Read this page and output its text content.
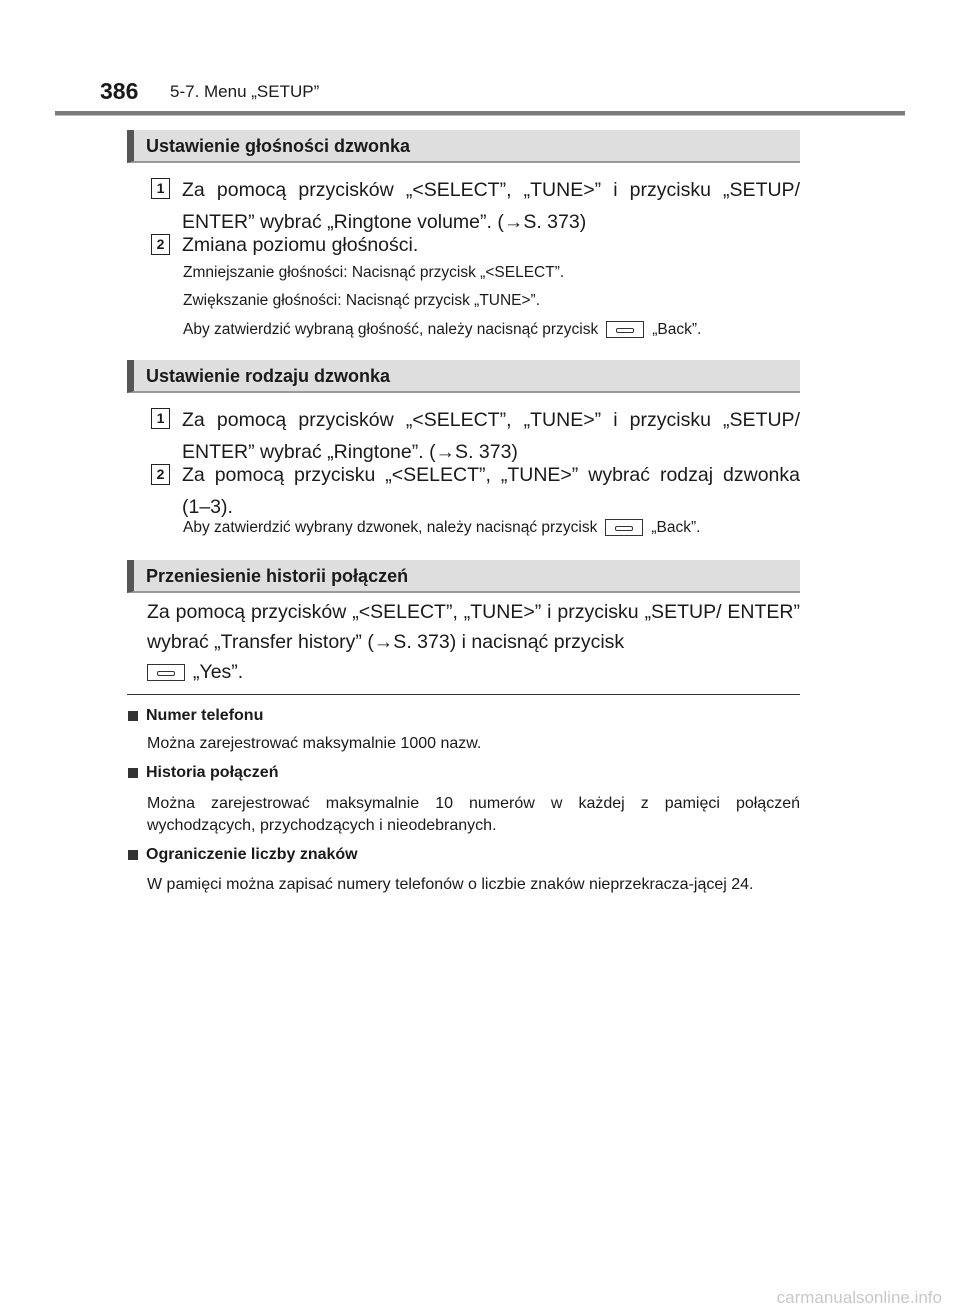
386 5-7. Menu „SETUP”
Ustawienie głośności dzwonka
1 Za pomocą przycisków „<SELECT”, „TUNE>” i przycisku „SETUP/ ENTER” wybrać „Ringtone volume”. (→S. 373)
2 Zmiana poziomu głośności.
Zmniejszanie głośności: Nacisnąć przycisk „<SELECT”.
Zwiększanie głośności: Nacisnąć przycisk „TUNE>”.
Aby zatwierdzić wybraną głośność, należy nacisnąć przycisk	„Back”.
Ustawienie rodzaju dzwonka
1 Za pomocą przycisków „<SELECT”, „TUNE>” i przycisku „SETUP/ ENTER” wybrać „Ringtone”. (→S. 373)
2 Za pomocą przycisku „<SELECT”, „TUNE>” wybrać rodzaj dzwonka (1–3).
Aby zatwierdzić wybrany dzwonek, należy nacisnąć przycisk	„Back”.
Przeniesienie historii połączeń
Za pomocą przycisków „<SELECT”, „TUNE>” i przycisku „SETUP/ ENTER” wybrać „Transfer history” (→S. 373) i nacisnąć przycisk
„Yes”.
Numer telefonu
Można zarejestrować maksymalnie 1000 nazw.
Historia połączeń
Można zarejestrować maksymalnie 10 numerów w każdej z pamięci połączeń wychodzących, przychodzących i nieodebranych.
Ograniczenie liczby znaków
W pamięci można zapisać numery telefonów o liczbie znaków nieprzekracza-jącej 24.
carmanualsonline.info
